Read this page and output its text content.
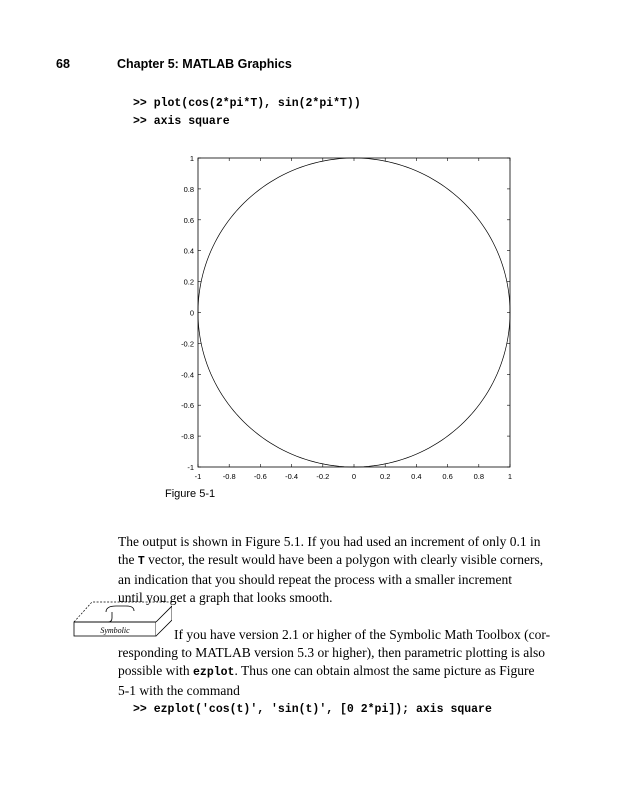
68	Chapter 5: MATLAB Graphics
>> plot(cos(2*pi*T), sin(2*pi*T))
>> axis square
-1	-0.8 -0.6 -0.4 -0.2	0	0.2	0.4	0.6	0.8	1
-1
-0.8
-0.6
-0.4
-0.2
0
0.2
0.4
0.6
0.8
1
Figure 5-1
The output is shown in Figure 5.1. If you had used an increment of only 0.1 in
the T vector, the result would have been a polygon with clearly visible corners,
an indication that you should repeat the process with a smaller increment
until you get a graph that looks smooth.
Symbolic	If you have version 2.1 or higher of the Symbolic Math Toolbox (cor-
responding to MATLAB version 5.3 or higher), then parametric plotting is also
possible with ezplot. Thus one can obtain almost the same picture as Figure
5-1 with the command
>> ezplot('cos(t)', 'sin(t)', [0 2*pi]); axis square
